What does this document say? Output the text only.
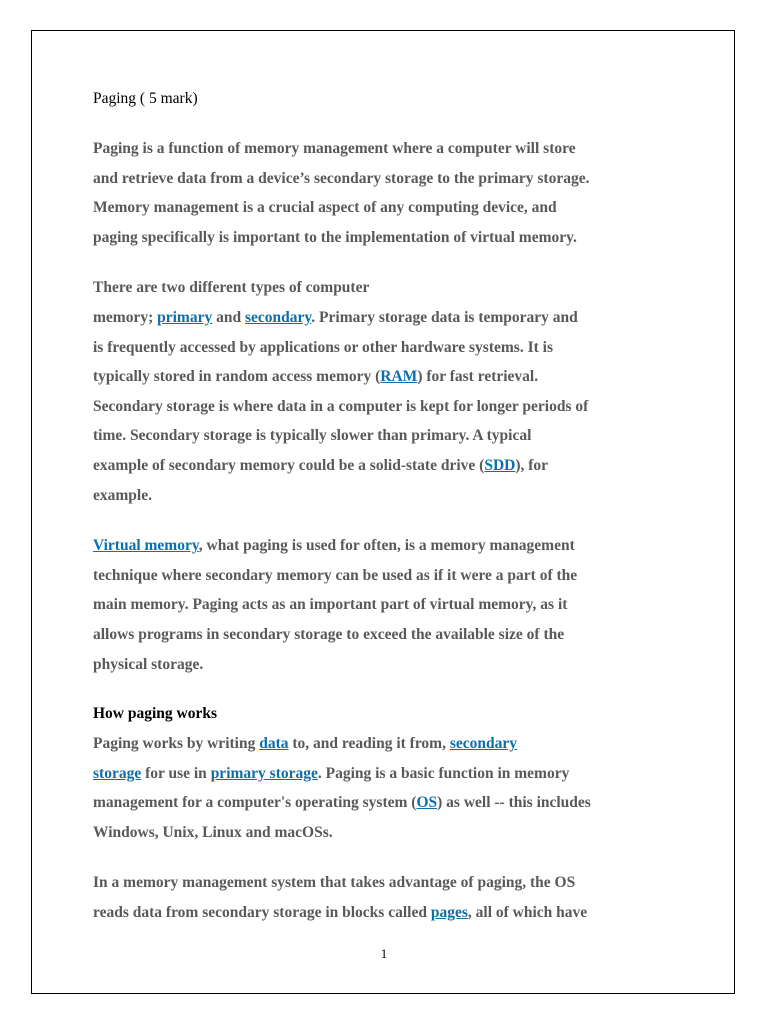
Paging ( 5 mark)

Paging is a function of memory management where a computer will store
and retrieve data from a device’s secondary storage to the primary storage.
Memory management is a crucial aspect of any computing device, and
paging specifically is important to the implementation of virtual memory.
There are two different types of computer
memory; primary and secondary. Primary storage data is temporary and
is frequently accessed by applications or other hardware systems. It is
typically stored in random access memory (RAM) for fast retrieval.
Secondary storage is where data in a computer is kept for longer periods of
time. Secondary storage is typically slower than primary. A typical
example of secondary memory could be a solid-state drive (SDD), for
example.
Virtual memory, what paging is used for often, is a memory management
technique where secondary memory can be used as if it were a part of the
main memory. Paging acts as an important part of virtual memory, as it
allows programs in secondary storage to exceed the available size of the
physical storage.

How paging works

Paging works by writing data to, and reading it from, secondary
storage for use in primary storage. Paging is a basic function in memory
management for a computer's operating system (OS) as well -- this includes
Windows, Unix, Linux and macOSs.
In a memory management system that takes advantage of paging, the OS
reads data from secondary storage in blocks called pages, all of which have
1
